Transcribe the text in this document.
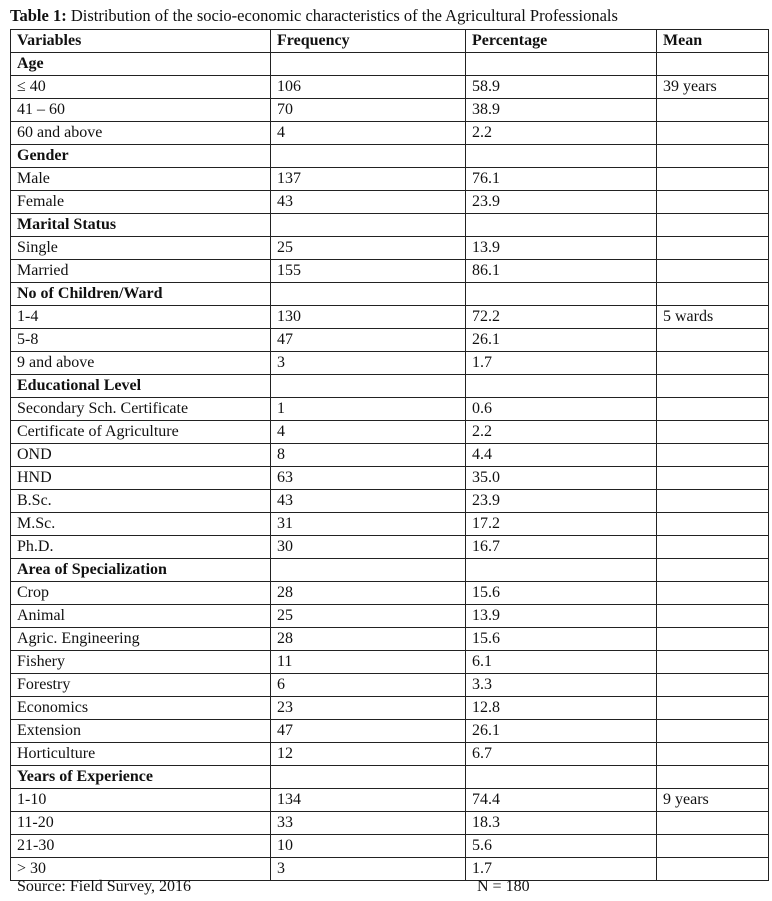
Table 1: Distribution of the socio-economic characteristics of the Agricultural Professionals
Variables	Frequency	Percentage	Mean
Age			
≤ 40	106	58.9	39 years
41 – 60	70	38.9	
60 and above	4	2.2	
Gender			
Male	137	76.1	
Female	43	23.9	
Marital Status			
Single	25	13.9	
Married	155	86.1	
No of Children/Ward			
1-4	130	72.2	5 wards
5-8	47	26.1	
9 and above	3	1.7	
Educational Level			
Secondary Sch. Certificate	1	0.6	
Certificate of Agriculture	4	2.2	
OND	8	4.4	
HND	63	35.0	
B.Sc.	43	23.9	
M.Sc.	31	17.2	
Ph.D.	30	16.7	
Area of Specialization			
Crop	28	15.6	
Animal	25	13.9	
Agric. Engineering	28	15.6	
Fishery	11	6.1	
Forestry	6	3.3	
Economics	23	12.8	
Extension	47	26.1	
Horticulture	12	6.7	
Years of Experience			
1-10	134	74.4	9 years
11-20	33	18.3	
21-30	10	5.6	
> 30	3	1.7	
Source: Field Survey, 2016	N = 180
